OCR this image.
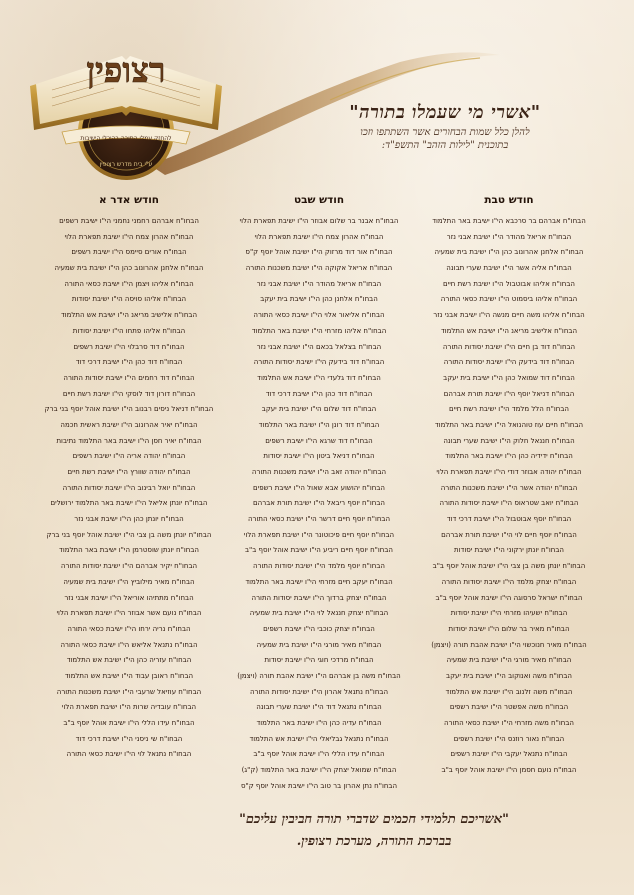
רצופין
להחזק עמלי התורה בהיכלי הישיבות
ע"י בית מדרש רצופין
"אשרי מי שעמלו בתורה"
להלן כלל שמות הבחורים אשר השתתפו וזכו
בתוכנית "לילות הזהב" התשפ"ד:
חודש טבת
הבחו"ח אברהם בר סרכבא הי"ו ישיבת באר התלמוד
הבחו"ח אריאל מהודר הי"ו ישיבת אבני נזר
הבחו"ח אלחנן אהרונוב כהן הי"ו ישיבת בית שמעיה
הבחו"ח אליה אשר הי"ו ישיבת שערי תבונה
הבחו"ח אליהו אבוטבול הי"ו ישיבת רשת חיים
הבחו"ח אליהו ביסמוט הי"ו ישיבת כסאי התורה
הבחו"ח אליהו משה חיים מנשה הי"ו ישיבת אבני נזר
הבחו"ח אלישיב מריאנ הי"ו ישיבת אש התלמוד
הבחו"ח דוד בן חיים הי"ו ישיבת יסודות התורה
הבחו"ח דוד בידעק הי"ו ישיבת יסודות התורה
הבחו"ח דוד שמואל כהן הי"ו ישיבת בית יעקב
הבחו"ח דניאל יוסף הי"ו ישיבת תורת אברהם
הבחו"ח הלל מלמד הי"ו ישיבת רשת חיים
הבחו"ח חיים עוז טוהנואל הי"ו ישיבת באר התלמוד
הבחו"ח חננאל חלוק הי"ו ישיבת שערי תבונה
הבחו"ח ידידיה כהן הי"ו ישיבת באר התלמוד
הבחו"ח יהודה אבוזר דודי הי"ו ישיבת תפארת הלוי
הבחו"ח יהודה אשר הי"ו ישיבת משכנות התורה
הבחו"ח יואב שטראוס הי"ו ישיבת יסודות התורה
הבחו"ח יוסף אבוטבול הי"ו ישיבת דרכי דוד
הבחו"ח יוסף חיים לוי הי"ו ישיבת תורת אברהם
הבחו"ח יונתן ירקוני הי"ו ישיבת יסודות
הבחו"ח יונתן משה בן צבי הי"ו ישיבת אוהל יוסף ב"ב
הבחו"ח יצחק מלמד הי"ו ישיבת יסודות התורה
הבחו"ח ישראל סרסוגה הי"ו ישיבת אוהל יוסף ב"ב
הבחו"ח ישעיהו מזרחי הי"ו ישיבת יסודות
הבחו"ח מאיר בר שלום הי"ו ישיבת יסודות
הבחו"ח מאיר חנוכשוי הי"ו ישיבת אהבת תורה (ויצמן)
הבחו"ח מאיר מורגי הי"ו ישיבת בית שמעיה
הבחו"ח משה ואנוקוב הי"ו ישיבת בית יעקב
הבחו"ח משה זלנוב הי"ו ישיבת אש התלמוד
הבחו"ח משה אפשטר הי"ו ישיבת רשפים
הבחו"ח משה מזרחי הי"ו ישיבת כסאי התורה
הבחו"ח נאור רוזנס הי"ו ישיבת רשפים
הבחו"ח נתנאל יעקבי הי"ו ישיבת רשפים
הבחו"ח נועם חסמן הי"ו ישיבת אוהל יוסף ב"ב
חודש שבט
הבחו"ח אבנר בר שלום אבוזר הי"ו ישיבת תפארת הלוי
הבחו"ח אהרון צמח הי"ו ישיבת תפארת הלוי
הבחו"ח אור דוד מרזוק הי"ו ישיבת אוהל יוסף ק"ס
הבחו"ח אריאל אקוקה הי"ו ישיבת משכנות התורה
הבחו"ח אריאל מהודר הי"ו ישיבת אבני נזר
הבחו"ח אלחנן כהן הי"ו ישיבת בית יעקב
הבחו"ח אליאור אלוי הי"ו ישיבת כסאי התורה
הבחו"ח אליהו מזרחי הי"ו ישיבת באר התלמוד
הבחו"ח בצלאל בכאם הי"ו ישיבת אבני נזר
הבחו"ח דוד בידעק הי"ו ישיבת יסודות התורה
הבחו"ח דוד גלעדי הי"ו ישיבת אש התלמוד
הבחו"ח דוד כהן הי"ו ישיבת דרכי דוד
הבחו"ח דוד שלום הי"ו ישיבת בית יעקב
הבחו"ח דוד רונן הי"ו ישיבת באר התלמוד
הבחו"ח דוד שרגא הי"ו ישיבת רשפים
הבחו"ח דניאל ביטון הי"ו ישיבת יסודות
הבחו"ח יהודה זאב הי"ו ישיבת משכנות התורה
הבחו"ח יהושוע אבא שאול הי"ו ישיבת רשפים
הבחו"ח יוסף ריבאל הי"ו ישיבת תורת אברהם
הבחו"ח יוסף חיים דרשר הי"ו ישיבת כסאי התורה
הבחו"ח יוסף חיים פיכוטונר הי"ו ישיבת תפארת הלוי
הבחו"ח יוסף חיים ריביע הי"ו ישיבת אוהל יוסף ב"ב
הבחו"ח יוסף מלמד הי"ו ישיבת יסודות התורה
הבחו"ח יעקב חיים מזרחי הי"ו ישיבת באר התלמוד
הבחו"ח יצחק ברדוך הי"ו ישיבת יסודות התורה
הבחו"ח יצחק חננאל לוי הי"ו ישיבת בית שמעיה
הבחו"ח יצחק כוכבי הי"ו ישיבת רשפים
הבחו"ח מאיר מורגי הי"ו ישיבת בית שמעיה
הבחו"ח מרדכי חוגי הי"ו ישיבת יסודות
הבחו"ח משה בן אברהם הי"ו ישיבת אהבת תורה (ויצמן)
הבחו"ח נתנאל אהרון הי"ו ישיבת יסודות התורה
הבחו"ח נתנאל דוד הי"ו ישיבת שערי תבונה
הבחו"ח עדיה כהן הי"ו ישיבת באר התלמוד
הבחו"ח נתנאל גבליאלי הי"ו ישיבת אש התלמוד
הבחו"ח עידו הללי הי"ו ישיבת אוהל יוסף ב"ב
הבחו"ח שמואל יצחק הי"ו ישיבת באר התלמוד (ק"ג)
הבחו"ח נתן אהרון בר טוב הי"ו ישיבת אוהל יוסף ק"ס
חודש אדר א
הבחו"ח אברהם רחמני נחמני הי"ו ישיבת רשפים
הבחו"ח אהרון צמח הי"ו ישיבת תפארת הלוי
הבחו"ח אורים סיימס הי"ו ישיבת רשפים
הבחו"ח אלחנן אהרונוב כהן הי"ו ישיבת בית שמעיה
הבחו"ח אליהו ויצמן הי"ו ישיבת כסאי התורה
הבחו"ח אליהו סויסה הי"ו ישיבת יסודות
הבחו"ח אלישיב מריאנ הי"ו ישיבת אש התלמוד
הבחו"ח אליהו פתחו הי"ו ישיבת יסודות
הבחו"ח דוד סרבלוי הי"ו ישיבת רשפים
הבחו"ח דוד כהן הי"ו ישיבת דרכי דוד
הבחו"ח דוד רחמים הי"ו ישיבת יסודות התורה
הבחו"ח דורון דוד לוסקי הי"ו ישיבת רשת חיים
הבחו"ח דניאל ניסים רבנוב הי"ו ישיבת אוהל יוסף בני ברק
הבחו"ח יאיר אהרונוב הי"ו ישיבת ראשית חכמה
הבחו"ח יאיר חסן הי"ו ישיבת באר התלמוד נתיבות
הבחו"ח יהודה אריה הי"ו ישיבת רשפים
הבחו"ח יהודה שוורץ הי"ו ישיבת רשת חיים
הבחו"ח יואל רבינוב הי"ו ישיבת יסודות התורה
הבחו"ח יונתן אליאל הי"ו ישיבת באר התלמוד ירושלים
הבחו"ח יונתן כהן הי"ו ישיבת אבני נזר
הבחו"ח יונתן משה בן צבי הי"ו ישיבת אוהל יוסף בני ברק
הבחו"ח יונתן שוסטרמן הי"ו ישיבת באר התלמוד
הבחו"ח יקיר אברהם הי"ו ישיבת יסודות התורה
הבחו"ח מאיר מילוביץ הי"ו ישיבת בית שמעיה
הבחו"ח מתתיהו אוריאל הי"ו ישיבת אבני נזר
הבחו"ח נועם אשר אבוזר הי"ו ישיבת תפארת הלוי
הבחו"ח נריה ירחו הי"ו ישיבת כסאי התורה
הבחו"ח נתנאל אליאש הי"ו ישיבת כסאי התורה
הבחו"ח עזריה כהן הי"ו ישיבת אש התלמוד
הבחו"ח ראובן עבוד הי"ו ישיבת אש התלמוד
הבחו"ח עוזיאל שרעבי הי"ו ישיבת משכנות התורה
הבחו"ח עובדיה שרות הי"ו ישיבת תפארת הלוי
הבחו"ח עידו הללי הי"ו ישיבת אוהל יוסף ב"ב
הבחו"ח שי ניסני הי"ו ישיבת דרכי דוד
הבחו"ח נתנאל לוי הי"ו ישיבת כסאי התורה
"אשריכם תלמידי חכמים שדברי תורה חביבין עליכם"
בברכת התורה, מערכת רצופין.
